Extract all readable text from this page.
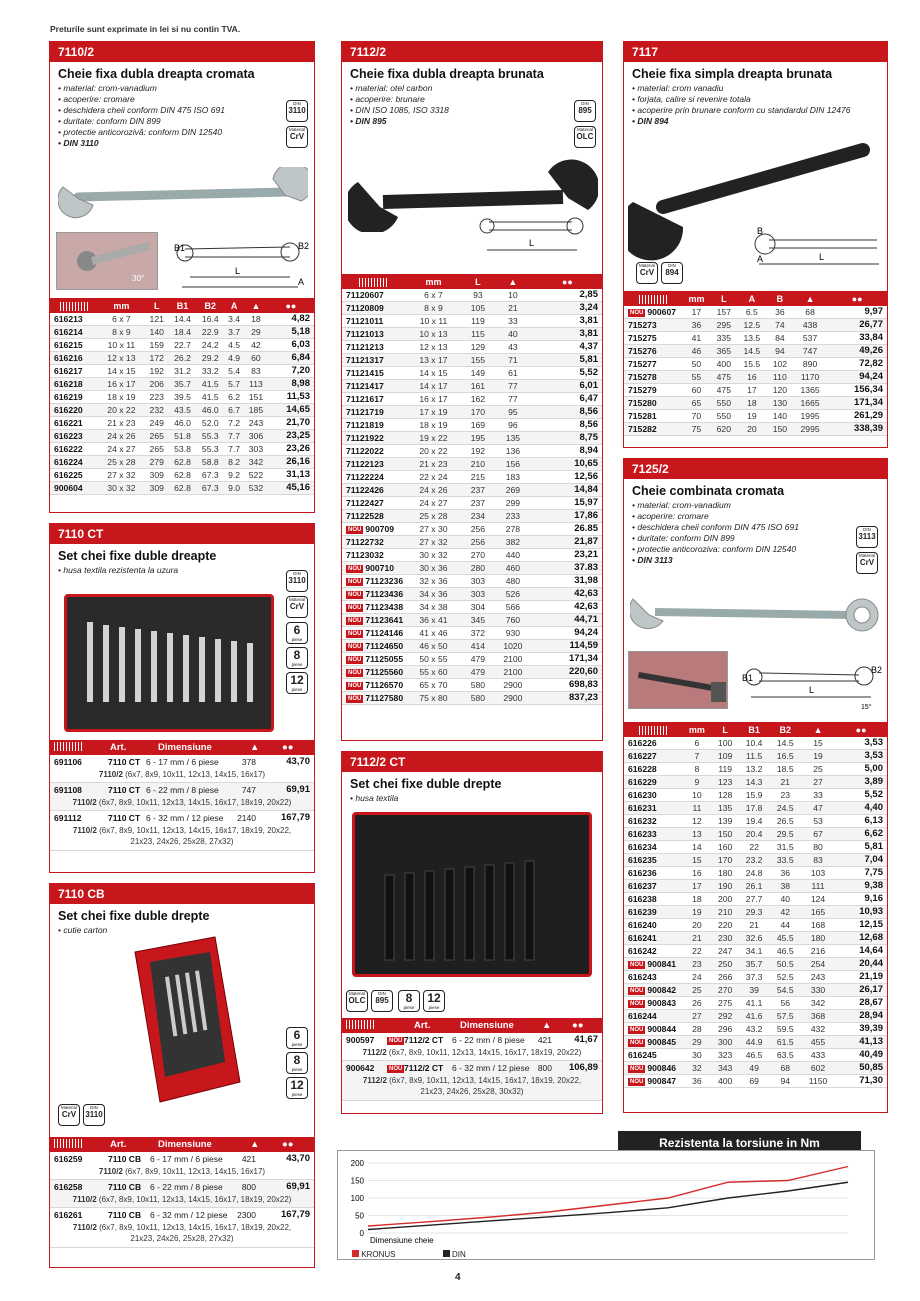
Preturile sunt exprimate in lei si nu contin TVA.
7110/2
Cheie fixa dubla dreapta cromata
• material: crom-vanadium
• acoperire: cromare
• deschidera cheii conform DIN 475 ISO 691
• duritate: conform DIN 899
• protectie anticorozivă: conform DIN 12540
• DIN 3110
DIN
3110
Material
CrV
30°
B1	B2
L
A
	mm	L	B1	B2	A	▲	●●
616213	6 x 7	121	14.4	16.4	3.4	18	4,82
616214	8 x 9	140	18.4	22.9	3.7	29	5,18
616215	10 x 11	159	22.7	24.2	4.5	42	6,03
616216	12 x 13	172	26.2	29.2	4.9	60	6,84
616217	14 x 15	192	31.2	33.2	5.4	83	7,20
616218	16 x 17	206	35.7	41.5	5.7	113	8,98
616219	18 x 19	223	39.5	41.5	6.2	151	11,53
616220	20 x 22	232	43.5	46.0	6.7	185	14,65
616221	21 x 23	249	46.0	52.0	7.2	243	21,70
616223	24 x 26	265	51.8	55.3	7.7	306	23,25
616222	24 x 27	265	53.8	55.3	7.7	303	23,26
616224	25 x 28	279	62.8	58.8	8.2	342	26,16
616225	27 x 32	309	62.8	67.3	9.2	522	31,13
900604	30 x 32	309	62.8	67.3	9.0	532	45,16
7110 CT
Set chei fixe duble dreapte
• husa textila rezistenta la uzura	DIN
3110
Material
CrV
6
piese
8
piese
12
piese
Art.	Dimensiune	▲ ●●
691106	7110 CT 6 - 17 mm / 6 piese	378	43,70
7110/2 (6x7, 8x9, 10x11, 12x13, 14x15, 16x17)
691108	7110 CT 6 - 22 mm / 8 piese	747	69,91
7110/2 (6x7, 8x9, 10x11, 12x13, 14x15, 16x17, 18x19, 20x22)
691112	7110 CT 6 - 32 mm / 12 piese 2140	167,79
7110/2 (6x7, 8x9, 10x11, 12x13, 14x15, 16x17, 18x19, 20x22,
21x23, 24x26, 25x28, 27x32)
7110 CB
Set chei fixe duble drepte
• cutie carton
6
piese
8
piese
12
piese
Material
CrV
DIN
3110
Art.	Dimensiune	▲ ●●
616259	7110 CB 6 - 17 mm / 6 piese 421	43,70
7110/2 (6x7, 8x9, 10x11, 12x13, 14x15, 16x17)
616258	7110 CB 6 - 22 mm / 8 piese 800	69,91
7110/2 (6x7, 8x9, 10x11, 12x13, 14x15, 16x17, 18x19, 20x22)
616261	7110 CB 6 - 32 mm / 12 piese 2300	167,79
7110/2 (6x7, 8x9, 10x11, 12x13, 14x15, 16x17, 18x19, 20x22,
21x23, 24x26, 25x28, 27x32)
7112/2
Cheie fixa dubla dreapta brunata
• material: otel carbon
• acoperire: brunare
• DIN ISO 1085, ISO 3318
• DIN 895
DIN
895
Material
OLC
L
	mm	L	▲	●●
71120607	6 x 7	93	10	2,85
71120809	8 x 9	105	21	3,24
71121011	10 x 11	119	33	3,81
71121013	10 x 13	115	40	3,81
71121213	12 x 13	129	43	4,37
71121317	13 x 17	155	71	5,81
71121415	14 x 15	149	61	5,52
71121417	14 x 17	161	77	6,01
71121617	16 x 17	162	77	6,47
71121719	17 x 19	170	95	8,56
71121819	18 x 19	169	96	8,56
71121922	19 x 22	195	135	8,75
71122022	20 x 22	192	136	8,94
71122123	21 x 23	210	156	10,65
71122224	22 x 24	215	183	12,56
71122426	24 x 26	237	269	14,84
71122427	24 x 27	237	299	15,97
71122528	25 x 28	234	233	17,86
NOU 900709	27 x 30	256	278	26.85
71122732	27 x 32	256	382	21,87
71123032	30 x 32	270	440	23,21
NOU 900710	30 x 36	280	460	37.83
NOU 71123236	32 x 36	303	480	31,98
NOU 71123436	34 x 36	303	526	42,63
NOU 71123438	34 x 38	304	566	42,63
NOU 71123641	36 x 41	345	760	44,71
NOU 71124146	41 x 46	372	930	94,24
NOU 71124650	46 x 50	414	1020	114,59
NOU 71125055	50 x 55	479	2100	171,34
NOU 71125560	55 x 60	479	2100	220,60
NOU 71126570	65 x 70	580	2900	698,83
NOU 71127580	75 x 80	580	2900	837,23
7112/2 CT
Set chei fixe duble drepte
• husa textila
Material
OLC
DIN
895	8
piese
12
piese
Art.	Dimensiune	▲ ●●
900597	NOU 7112/2 CT 6 - 22 mm / 8 piese 421 41,67
7112/2 (6x7, 8x9, 10x11, 12x13, 14x15, 16x17, 18x19, 20x22)
900642	NOU 7112/2 CT 6 - 32 mm / 12 piese 800 106,89
7112/2 (6x7, 8x9, 10x11, 12x13, 14x15, 16x17, 18x19, 20x22,
21x23, 24x26, 25x28, 30x32)
7117
Cheie fixa simpla dreapta brunata
• material: crom vanadiu
• forjata, calire si revenire totala
• acoperire prin brunare conform cu standardul DIN 12476
• DIN 894
B
A	L
Material
CrV
DIN
894
	mm	L	A	B	▲	●●
NOU 900607	17	157	6.5	36	68	9,97
715273	36	295	12.5	74	438	26,77
715275	41	335	13.5	84	537	33,84
715276	46	365	14.5	94	747	49,26
715277	50	400	15.5	102	890	72,82
715278	55	475	16	110	1170	94,24
715279	60	475	17	120	1365	156,34
715280	65	550	18	130	1665	171,34
715281	70	550	19	140	1995	261,29
715282	75	620	20	150	2995	338,39
7125/2
Cheie combinata cromata
• material: crom-vanadium
• acoperire: cromare
• deschidera cheii conform DIN 475 ISO 691
• duritate: conform DIN 899
• protectie anticoroziva: conform DIN 12540
• DIN 3113
DIN
3113
Material
CrV
B1
B2
L
15°
	mm	L	B1	B2	▲	●●
616226	6	100	10.4	14.5	15	3,53
616227	7	109	11.5	16.5	19	3,53
616228	8	119	13.2	18.5	25	5,00
616229	9	123	14.3	21	27	3,89
616230	10	128	15.9	23	33	5,52
616231	11	135	17.8	24.5	47	4,40
616232	12	139	19.4	26.5	53	6,13
616233	13	150	20.4	29.5	67	6,62
616234	14	160	22	31.5	80	5,81
616235	15	170	23.2	33.5	83	7,04
616236	16	180	24.8	36	103	7,75
616237	17	190	26.1	38	111	9,38
616238	18	200	27.7	40	124	9,16
616239	19	210	29.3	42	165	10,93
616240	20	220	21	44	168	12,15
616241	21	230	32.6	45.5	180	12,68
616242	22	247	34.1	46.5	216	14,64
NOU 900841	23	250	35.7	50.5	254	20,44
616243	24	266	37.3	52.5	243	21,19
NOU 900842	25	270	39	54.5	330	26,17
NOU 900843	26	275	41.1	56	342	28,67
616244	27	292	41.6	57.5	368	28,94
NOU 900844	28	296	43.2	59.5	432	39,39
NOU 900845	29	300	44.9	61.5	455	41,13
616245	30	323	46.5	63.5	433	40,49
NOU 900846	32	343	49	68	602	50,85
NOU 900847	36	400	69	94	1150	71,30
Rezistenta la torsiune in Nm
0
50
100
150
200
Dimensiune cheie
KRONUS	DIN
4
